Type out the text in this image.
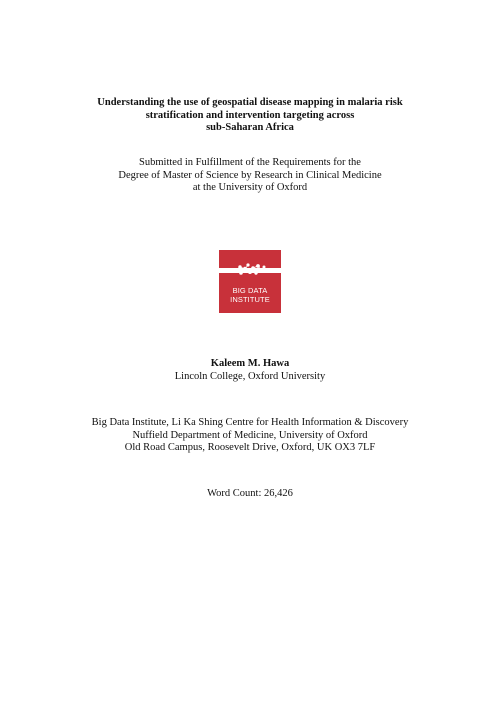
Understanding the use of geospatial disease mapping in malaria risk
stratification and intervention targeting across
sub-Saharan Africa
Submitted in Fulfillment of the Requirements for the
Degree of Master of Science by Research in Clinical Medicine
at the University of Oxford
BIG DATA
INSTITUTE
Kaleem M. Hawa
Lincoln College, Oxford University
Big Data Institute, Li Ka Shing Centre for Health Information & Discovery
Nuffield Department of Medicine, University of Oxford
Old Road Campus, Roosevelt Drive, Oxford, UK OX3 7LF
Word Count: 26,426
